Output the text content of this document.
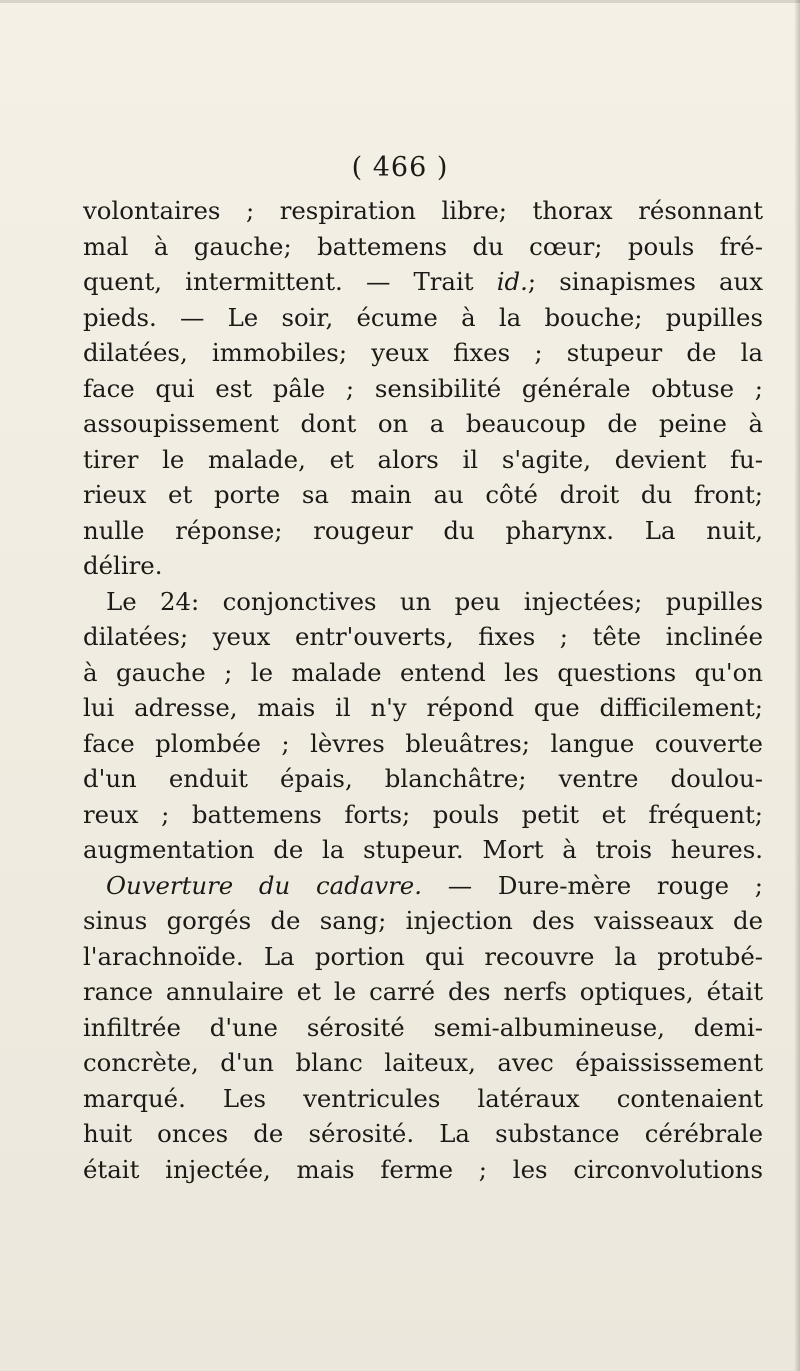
( 466 )
volontaires ; respiration libre; thorax résonnant
mal à gauche; battemens du cœur; pouls fré-
quent, intermittent. — Trait id.; sinapismes aux
pieds. — Le soir, écume à la bouche; pupilles
dilatées, immobiles; yeux fixes ; stupeur de la
face qui est pâle ; sensibilité générale obtuse ;
assoupissement dont on a beaucoup de peine à
tirer le malade, et alors il s'agite, devient fu-
rieux et porte sa main au côté droit du front;
nulle réponse; rougeur du pharynx. La nuit,
délire.
Le 24: conjonctives un peu injectées; pupilles
dilatées; yeux entr'ouverts, fixes ; tête inclinée
à gauche ; le malade entend les questions qu'on
lui adresse, mais il n'y répond que difficilement;
face plombée ; lèvres bleuâtres; langue couverte
d'un enduit épais, blanchâtre; ventre doulou-
reux ; battemens forts; pouls petit et fréquent;
augmentation de la stupeur. Mort à trois heures.
Ouverture du cadavre. — Dure-mère rouge ;
sinus gorgés de sang; injection des vaisseaux de
l'arachnoïde. La portion qui recouvre la protubé-
rance annulaire et le carré des nerfs optiques, était
infiltrée d'une sérosité semi-albumineuse, demi-
concrète, d'un blanc laiteux, avec épaississement
marqué. Les ventricules latéraux contenaient
huit onces de sérosité. La substance cérébrale
était injectée, mais ferme ; les circonvolutions
